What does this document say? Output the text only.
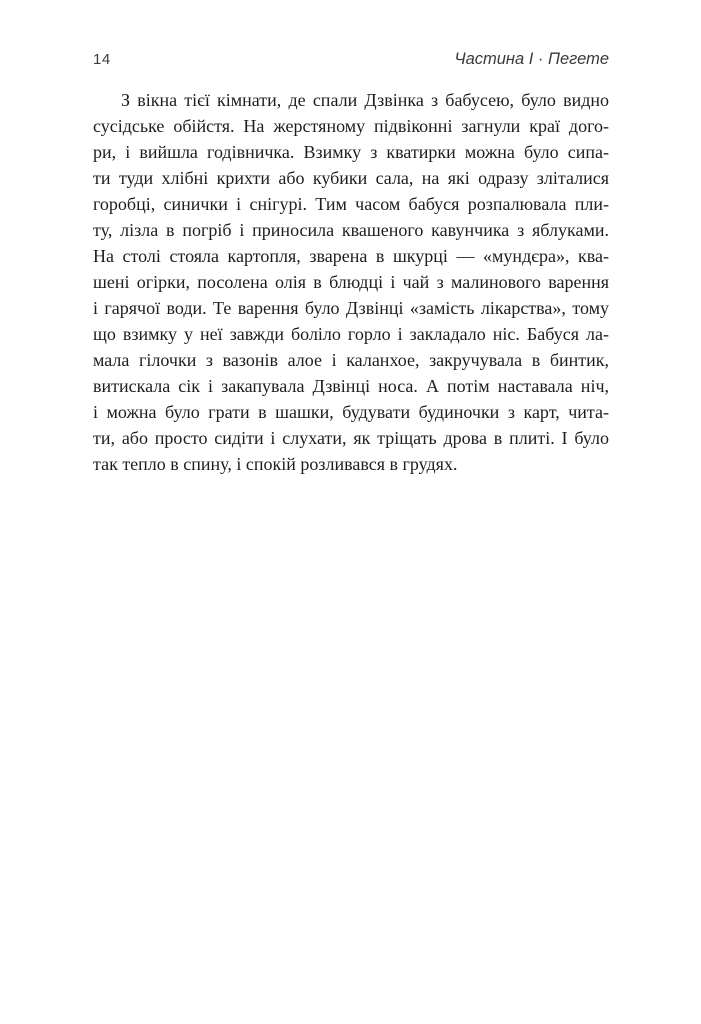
14	Частина І · Пегете
З вікна тієї кімнати, де спали Дзвінка з бабусею, було видно
сусідське обійстя. На жерстяному підвіконні загнули краї дого-
ри, і вийшла годівничка. Взимку з кватирки можна було сипа-
ти туди хлібні крихти або кубики сала, на які одразу зліталися
горобці, синички і снігурі. Тим часом бабуся розпалювала пли-
ту, лізла в погріб і приносила квашеного кавунчика з яблуками.
На столі стояла картопля, зварена в шкурці — «мундєра», ква-
шені огірки, посолена олія в блюдці і чай з малинового варення
і гарячої води. Те варення було Дзвінці «замість лікарства», тому
що взимку у неї завжди боліло горло і закладало ніс. Бабуся ла-
мала гілочки з вазонів алое і каланхое, закручувала в бинтик,
витискала сік і закапувала Дзвінці носа. А потім наставала ніч,
і можна було грати в шашки, будувати будиночки з карт, чита-
ти, або просто сидіти і слухати, як тріщать дрова в плиті. І було
так тепло в спину, і спокій розливався в грудях.
